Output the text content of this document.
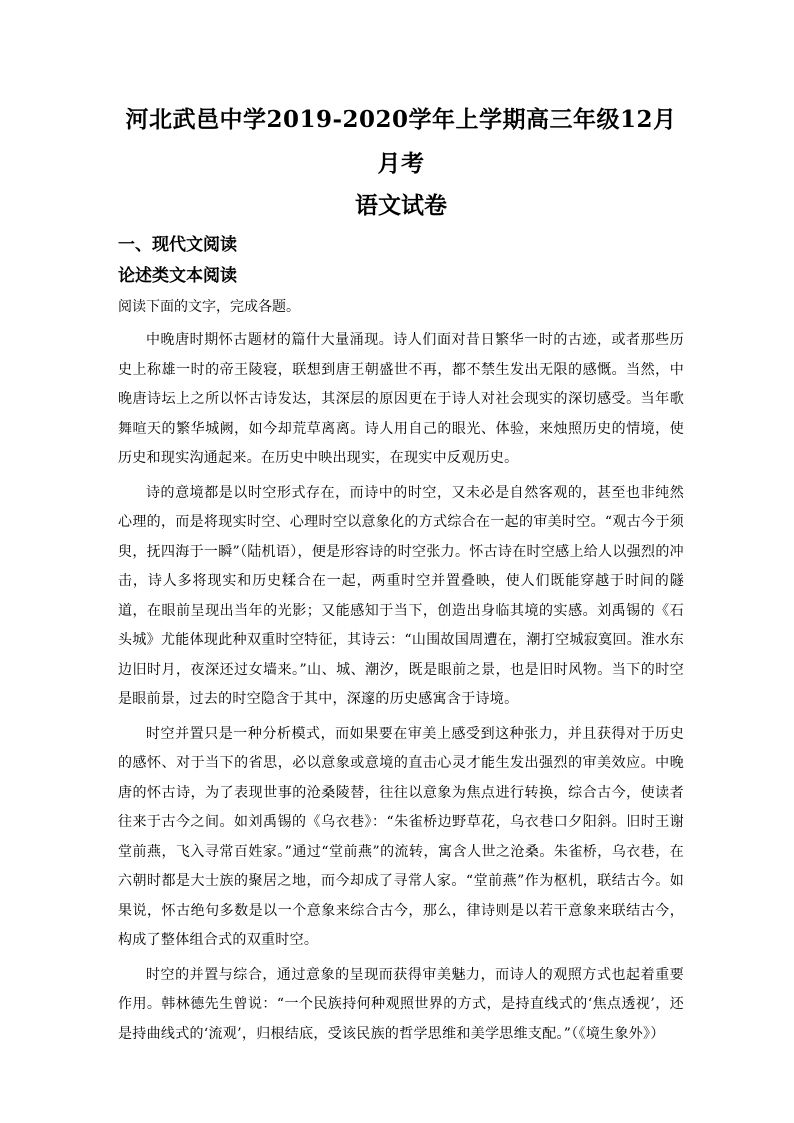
河北武邑中学2019-2020学年上学期高三年级12月月考
语文试卷

一、现代文阅读

论述类文本阅读

阅读下面的文字，完成各题。

中晚唐时期怀古题材的篇什大量涌现。诗人们面对昔日繁华一时的古迹，或者那些历史上称雄一时的帝王陵寝，联想到唐王朝盛世不再，都不禁生发出无限的感慨。当然，中晚唐诗坛上之所以怀古诗发达，其深层的原因更在于诗人对社会现实的深切感受。当年歌舞喧天的繁华城阙，如今却荒草离离。诗人用自己的眼光、体验，来烛照历史的情境，使历史和现实沟通起来。在历史中映出现实，在现实中反观历史。

诗的意境都是以时空形式存在，而诗中的时空，又未必是自然客观的，甚至也非纯然心理的，而是将现实时空、心理时空以意象化的方式综合在一起的审美时空。“观古今于须臾，抚四海于一瞬”（陆机语），便是形容诗的时空张力。怀古诗在时空感上给人以强烈的冲击，诗人多将现实和历史糅合在一起，两重时空并置叠映，使人们既能穿越于时间的隧道，在眼前呈现出当年的光影；又能感知于当下，创造出身临其境的实感。刘禹锡的《石头城》尤能体现此种双重时空特征，其诗云：“山围故国周遭在，潮打空城寂寞回。淮水东边旧时月，夜深还过女墙来。”山、城、潮汐，既是眼前之景，也是旧时风物。当下的时空是眼前景，过去的时空隐含于其中，深邃的历史感寓含于诗境。

时空并置只是一种分析模式，而如果要在审美上感受到这种张力，并且获得对于历史的感怀、对于当下的省思，必以意象或意境的直击心灵才能生发出强烈的审美效应。中晚唐的怀古诗，为了表现世事的沧桑陵替，往往以意象为焦点进行转换，综合古今，使读者往来于古今之间。如刘禹锡的《乌衣巷》：“朱雀桥边野草花，乌衣巷口夕阳斜。旧时王谢堂前燕，飞入寻常百姓家。”通过“堂前燕”的流转，寓含人世之沧桑。朱雀桥，乌衣巷，在六朝时都是大士族的聚居之地，而今却成了寻常人家。“堂前燕”作为枢机，联结古今。如果说，怀古绝句多数是以一个意象来综合古今，那么，律诗则是以若干意象来联结古今，构成了整体组合式的双重时空。

时空的并置与综合，通过意象的呈现而获得审美魅力，而诗人的观照方式也起着重要作用。韩林德先生曾说：“一个民族持何种观照世界的方式，是持直线式的‘焦点透视’，还是持曲线式的‘流观’，归根结底，受该民族的哲学思维和美学思维支配。”（《境生象外》）
